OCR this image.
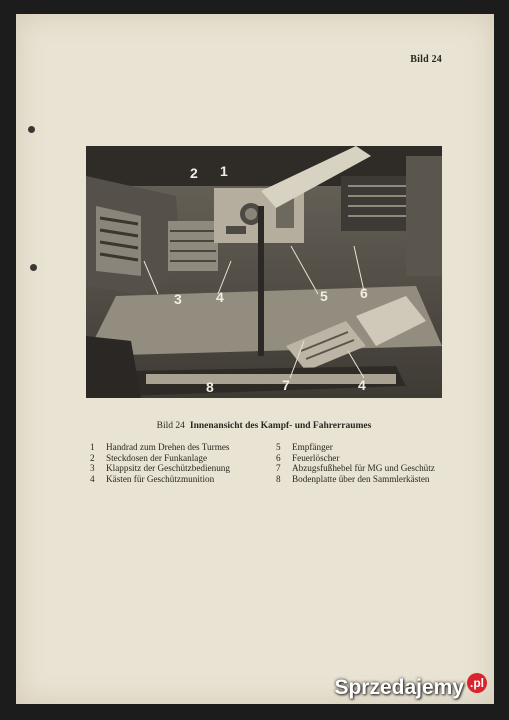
Bild 24
2 1
3 4	5 6
8	7	4
Bild 24 Innenansicht des Kampf- und Fahrerraumes
1	Handrad zum Drehen des Turmes
2	Steckdosen der Funkanlage
3	Klappsitz der Geschützbedienung
4	Kästen für Geschützmunition
5	Empfänger
6	Feuerlöscher
7	Abzugsfußhebel für MG und Geschütz
8	Bodenplatte über den Sammlerkästen
Sprzedajemy .pl
